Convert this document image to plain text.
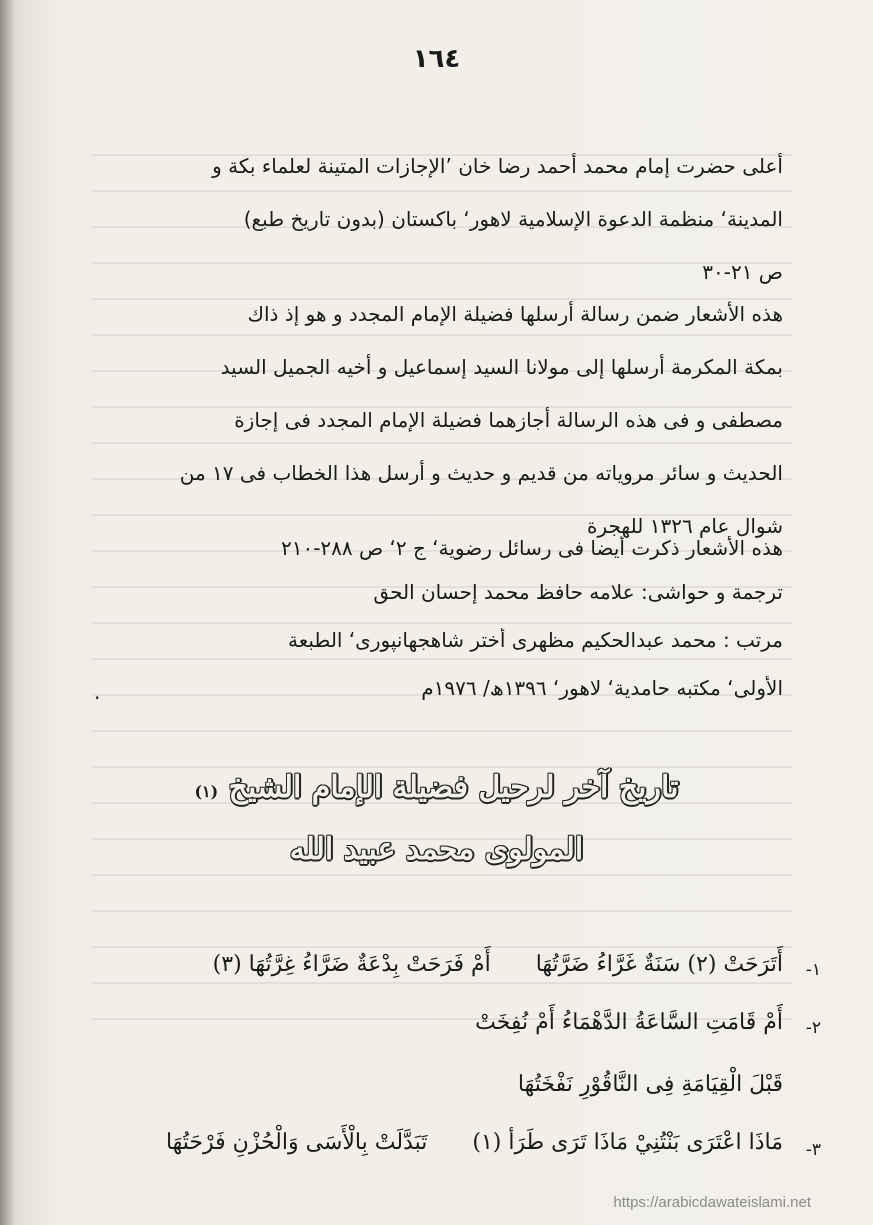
١٦٤

أعلى حضرت إمام محمد أحمد رضا خان ’الإجازات المتينة لعلماء بكة و

المدينة‘ منظمة الدعوة الإسلامية لاهور‘ باكستان (بدون تاريخ طبع)

ص ٢١-٣٠

هذه الأشعار ضمن رسالة أرسلها فضيلة الإمام المجدد و هو إذ ذاك

بمكة المكرمة أرسلها إلى مولانا السيد إسماعيل و أخيه الجميل السيد

مصطفى و فى هذه الرسالة أجازهما فضيلة الإمام المجدد فى إجازة

الحديث و سائر مروياته من قديم و حديث و أرسل هذا الخطاب فى ١٧ من

شوال عام ١٣٢٦ للهجرة

هذه الأشعار ذكرت أيضا فى رسائل رضوية‘ ج ٢‘ ص ٢٨٨-٢١٠
ترجمة و حواشى: علامه حافظ محمد إحسان الحق
مرتب : محمد عبدالحكيم مظهرى أختر شاهجهانپورى‘ الطبعة
الأولى‘ مكتبه حامدية‘ لاهور‘ ١٣٩٦ھ/ ١٩٧٦م
.
تاريخ آخر لرحيل فضيلة الإمام الشيخ (١)
المولوى محمد عبيد الله
-١
أَتَرَحَتْ (٢) سَنَةٌ غَرَّاءُ ضَرَّتُهَا أَمْ فَرَحَتْ بِدْعَةٌ ضَرَّاءُ غِرَّتُهَا (٣)
-٢
أَمْ قَامَتِ السَّاعَةُ الدَّهْمَاءُ أَمْ نُفِخَتْ
قَبْلَ الْقِيَامَةِ فِى النَّاقُوْرِ نَفْخَتُهَا
-٣
مَاذَا اعْتَرَى بَنْتُنِيْ مَاذَا تَرَى طَرَأ (١) تَبَدَّلَتْ بِالْأَسَى وَالْحُزْنِ فَرْحَتُهَا
https://arabicdawateislami.net
